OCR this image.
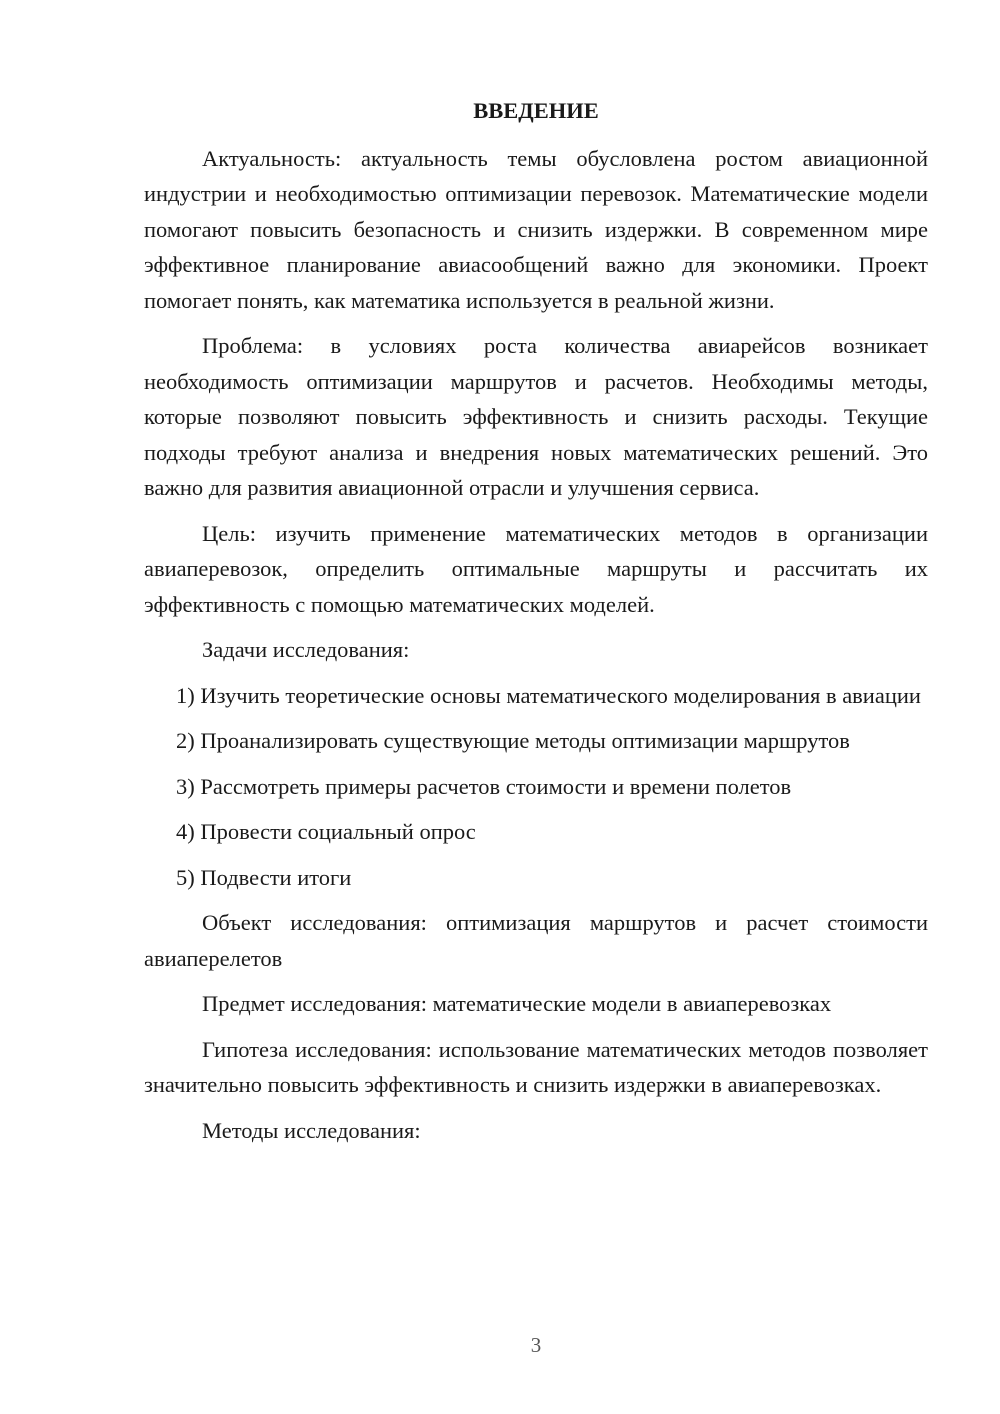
ВВЕДЕНИЕ

Актуальность: актуальность темы обусловлена ростом авиационной индустрии и необходимостью оптимизации перевозок. Математические модели помогают повысить безопасность и снизить издержки. В современном мире эффективное планирование авиасообщений важно для экономики. Проект помогает понять, как математика используется в реальной жизни.

Проблема: в условиях роста количества авиарейсов возникает необходимость оптимизации маршрутов и расчетов. Необходимы методы, которые позволяют повысить эффективность и снизить расходы. Текущие подходы требуют анализа и внедрения новых математических решений. Это важно для развития авиационной отрасли и улучшения сервиса.

Цель: изучить применение математических методов в организации авиаперевозок, определить оптимальные маршруты и рассчитать их эффективность с помощью математических моделей.

Задачи исследования:

1) Изучить теоретические основы математического моделирования в авиации

2) Проанализировать существующие методы оптимизации маршрутов

3) Рассмотреть примеры расчетов стоимости и времени полетов

4) Провести социальный опрос

5) Подвести итоги

Объект исследования: оптимизация маршрутов и расчет стоимости авиаперелетов

Предмет исследования: математические модели в авиаперевозках

Гипотеза исследования: использование математических методов позволяет значительно повысить эффективность и снизить издержки в авиаперевозках.

Методы исследования:

3
